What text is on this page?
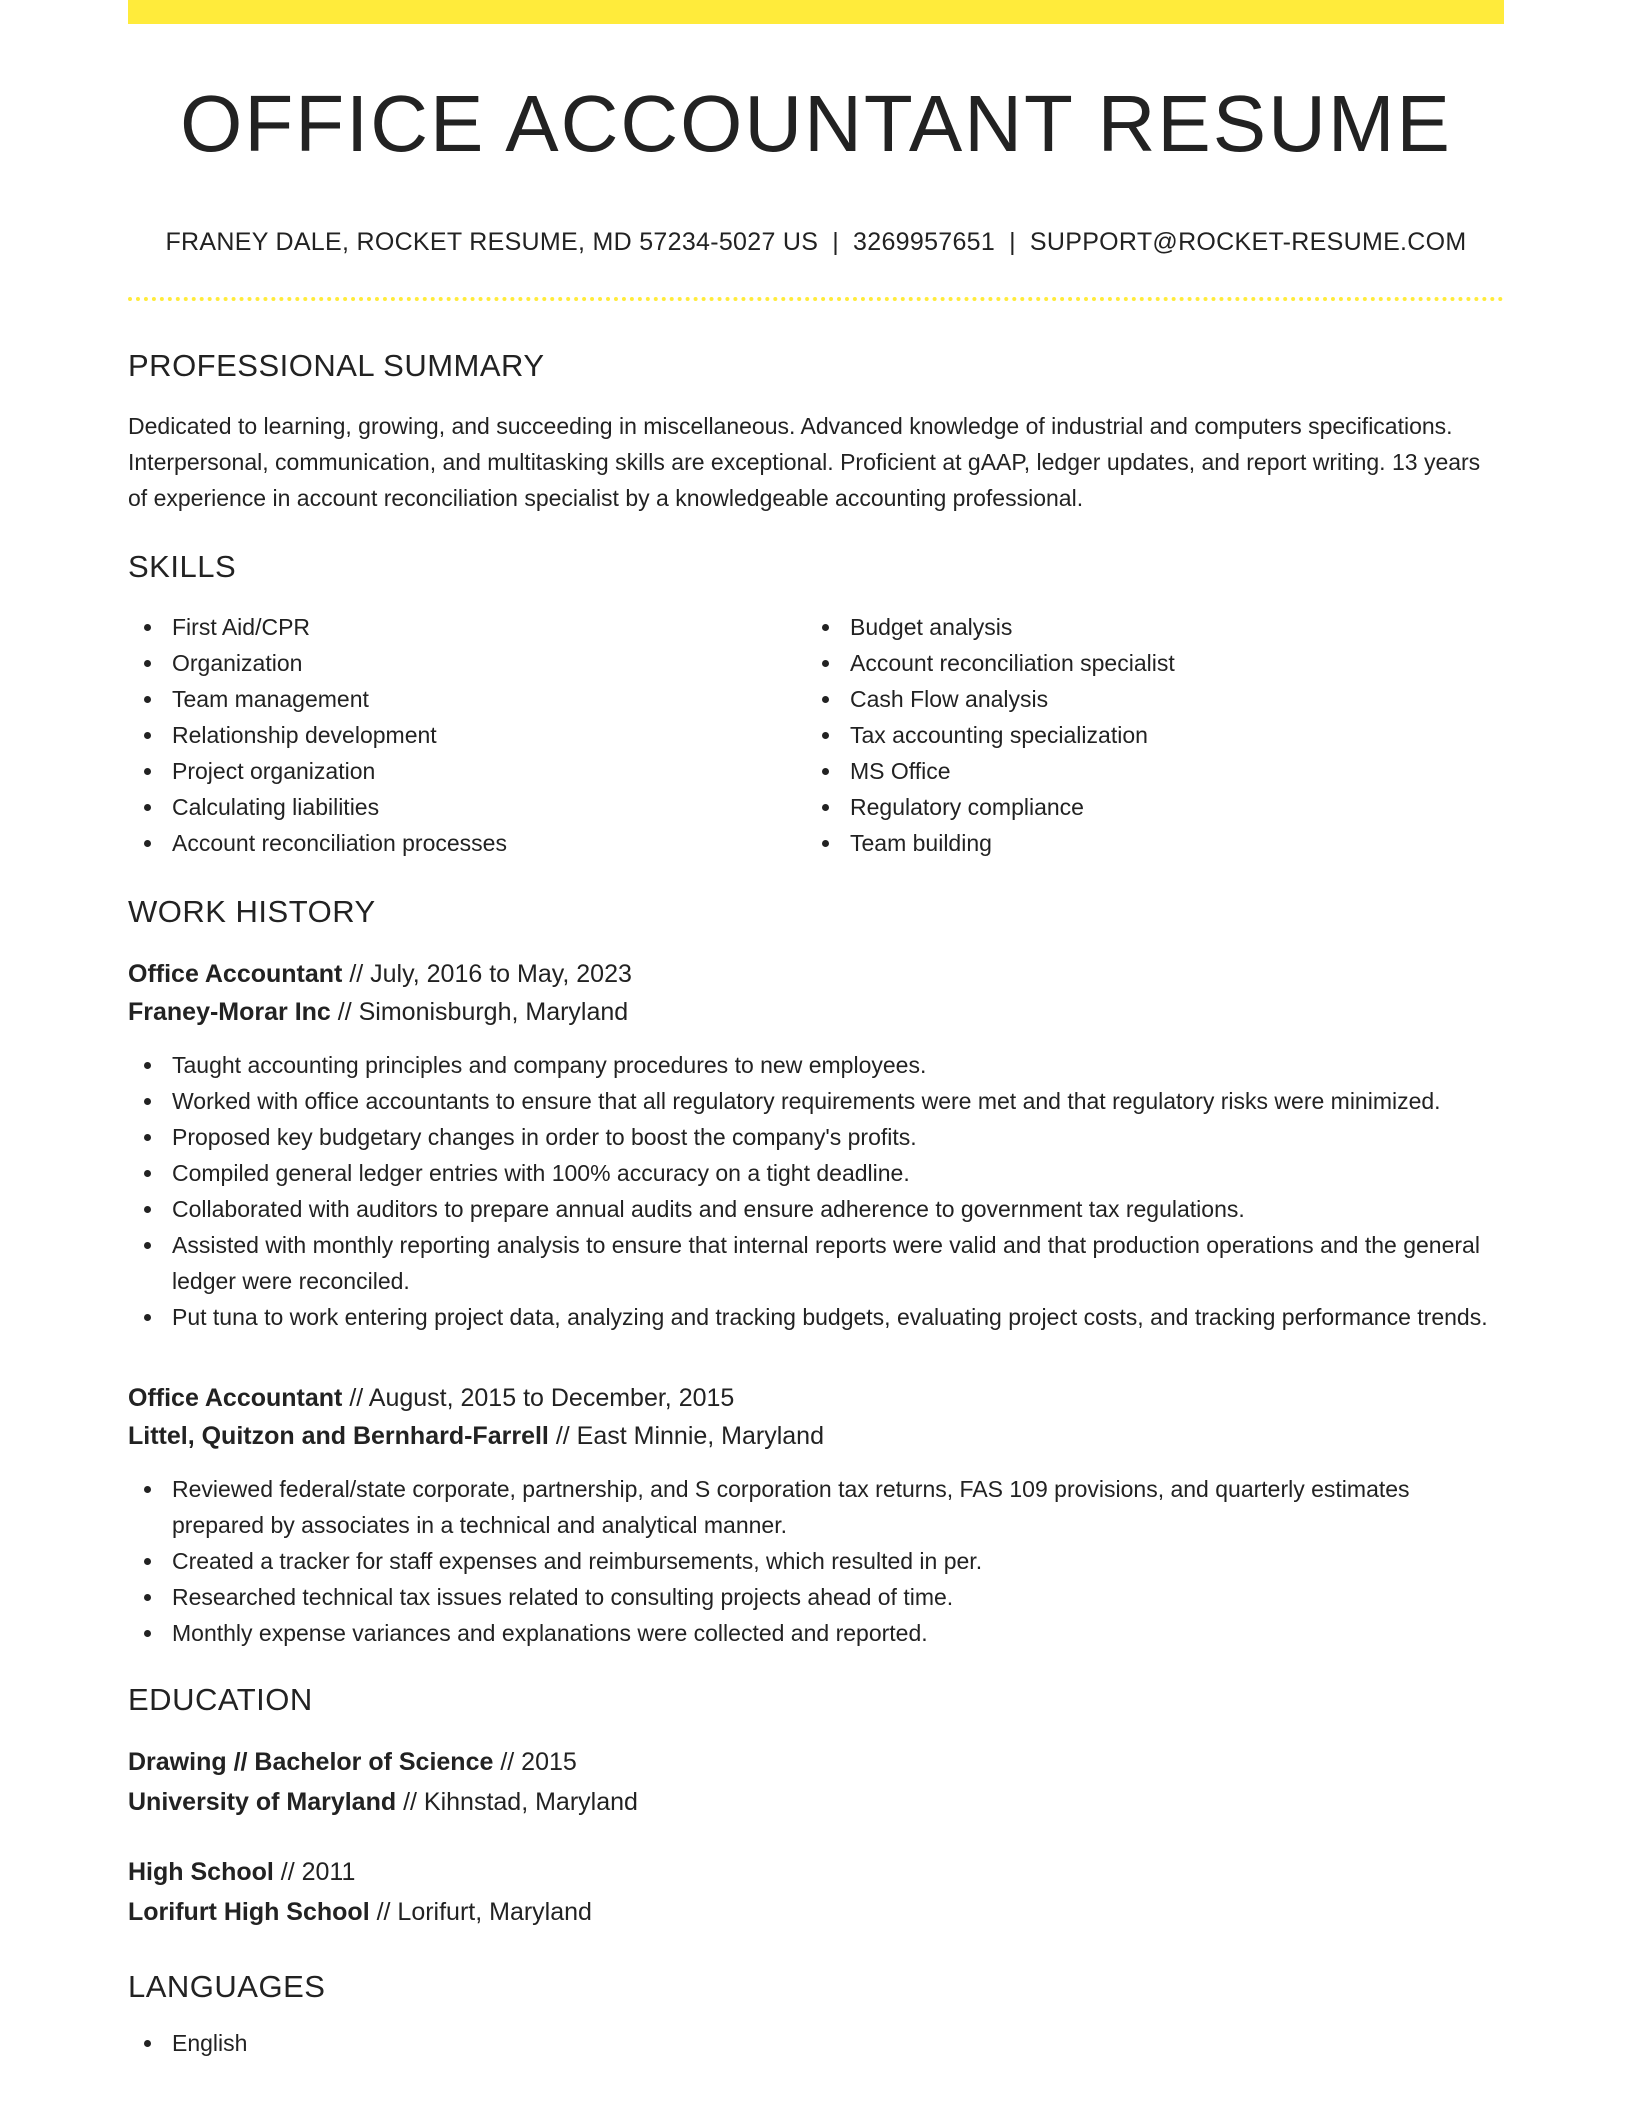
OFFICE ACCOUNTANT RESUME
FRANEY DALE, ROCKET RESUME, MD 57234-5027 US | 3269957651 | SUPPORT@ROCKET-RESUME.COM
PROFESSIONAL SUMMARY

Dedicated to learning, growing, and succeeding in miscellaneous. Advanced knowledge of industrial and computers specifications. Interpersonal, communication, and multitasking skills are exceptional. Proficient at gAAP, ledger updates, and report writing. 13 years of experience in account reconciliation specialist by a knowledgeable accounting professional.

SKILLS
First Aid/CPR
Organization
Team management
Relationship development
Project organization
Calculating liabilities
Account reconciliation processes
Budget analysis
Account reconciliation specialist
Cash Flow analysis
Tax accounting specialization
MS Office
Regulatory compliance
Team building
WORK HISTORY
Office Accountant // July, 2016 to May, 2023
Franey-Morar Inc // Simonisburgh, Maryland
Taught accounting principles and company procedures to new employees.
Worked with office accountants to ensure that all regulatory requirements were met and that regulatory risks were minimized.
Proposed key budgetary changes in order to boost the company's profits.
Compiled general ledger entries with 100% accuracy on a tight deadline.
Collaborated with auditors to prepare annual audits and ensure adherence to government tax regulations.
Assisted with monthly reporting analysis to ensure that internal reports were valid and that production operations and the general ledger were reconciled.
Put tuna to work entering project data, analyzing and tracking budgets, evaluating project costs, and tracking performance trends.
Office Accountant // August, 2015 to December, 2015
Littel, Quitzon and Bernhard-Farrell // East Minnie, Maryland
Reviewed federal/state corporate, partnership, and S corporation tax returns, FAS 109 provisions, and quarterly estimates prepared by associates in a technical and analytical manner.
Created a tracker for staff expenses and reimbursements, which resulted in per.
Researched technical tax issues related to consulting projects ahead of time.
Monthly expense variances and explanations were collected and reported.
EDUCATION
Drawing // Bachelor of Science // 2015
University of Maryland // Kihnstad, Maryland
High School // 2011
Lorifurt High School // Lorifurt, Maryland
LANGUAGES
English
